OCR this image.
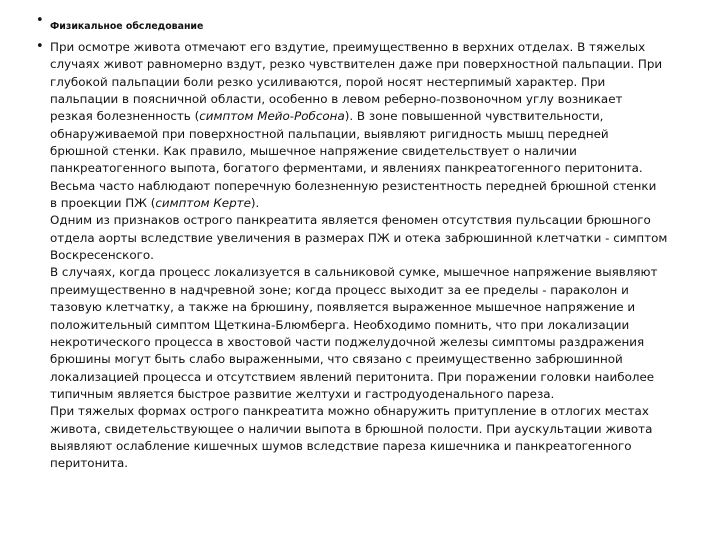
• Физикальное обследование
• При осмотре живота отмечают его вздутие, преимущественно в верхних отделах. В тяжелых
случаях живот равномерно вздут, резко чувствителен даже при поверхностной пальпации. При
глубокой пальпации боли резко усиливаются, порой носят нестерпимый характер. При
пальпации в поясничной области, особенно в левом реберно-позвоночном углу возникает
резкая болезненность (симптом Мейо-Робсона). В зоне повышенной чувствительности,
обнаруживаемой при поверхностной пальпации, выявляют ригидность мышц передней
брюшной стенки. Как правило, мышечное напряжение свидетельствует о наличии
панкреатогенного выпота, богатого ферментами, и явлениях панкреатогенного перитонита.
Весьма часто наблюдают поперечную болезненную резистентность передней брюшной стенки
в проекции ПЖ (симптом Керте).

Одним из признаков острого панкреатита является феномен отсутствия пульсации брюшного
отдела аорты вследствие увеличения в размерах ПЖ и отека забрюшинной клетчатки - симптом
Воскресенского.

В случаях, когда процесс локализуется в сальниковой сумке, мышечное напряжение выявляют
преимущественно в надчревной зоне; когда процесс выходит за ее пределы - параколон и
тазовую клетчатку, а также на брюшину, появляется выраженное мышечное напряжение и
положительный симптом Щеткина-Блюмберга. Необходимо помнить, что при локализации
некротического процесса в хвостовой части поджелудочной железы симптомы раздражения
брюшины могут быть слабо выраженными, что связано с преимущественно забрюшинной
локализацией процесса и отсутствием явлений перитонита. При поражении головки наиболее
типичным является быстрое развитие желтухи и гастродуоденального пареза.

При тяжелых формах острого панкреатита можно обнаружить притупление в отлогих местах
живота, свидетельствующее о наличии выпота в брюшной полости. При аускультации живота
выявляют ослабление кишечных шумов вследствие пареза кишечника и панкреатогенного
перитонита.
